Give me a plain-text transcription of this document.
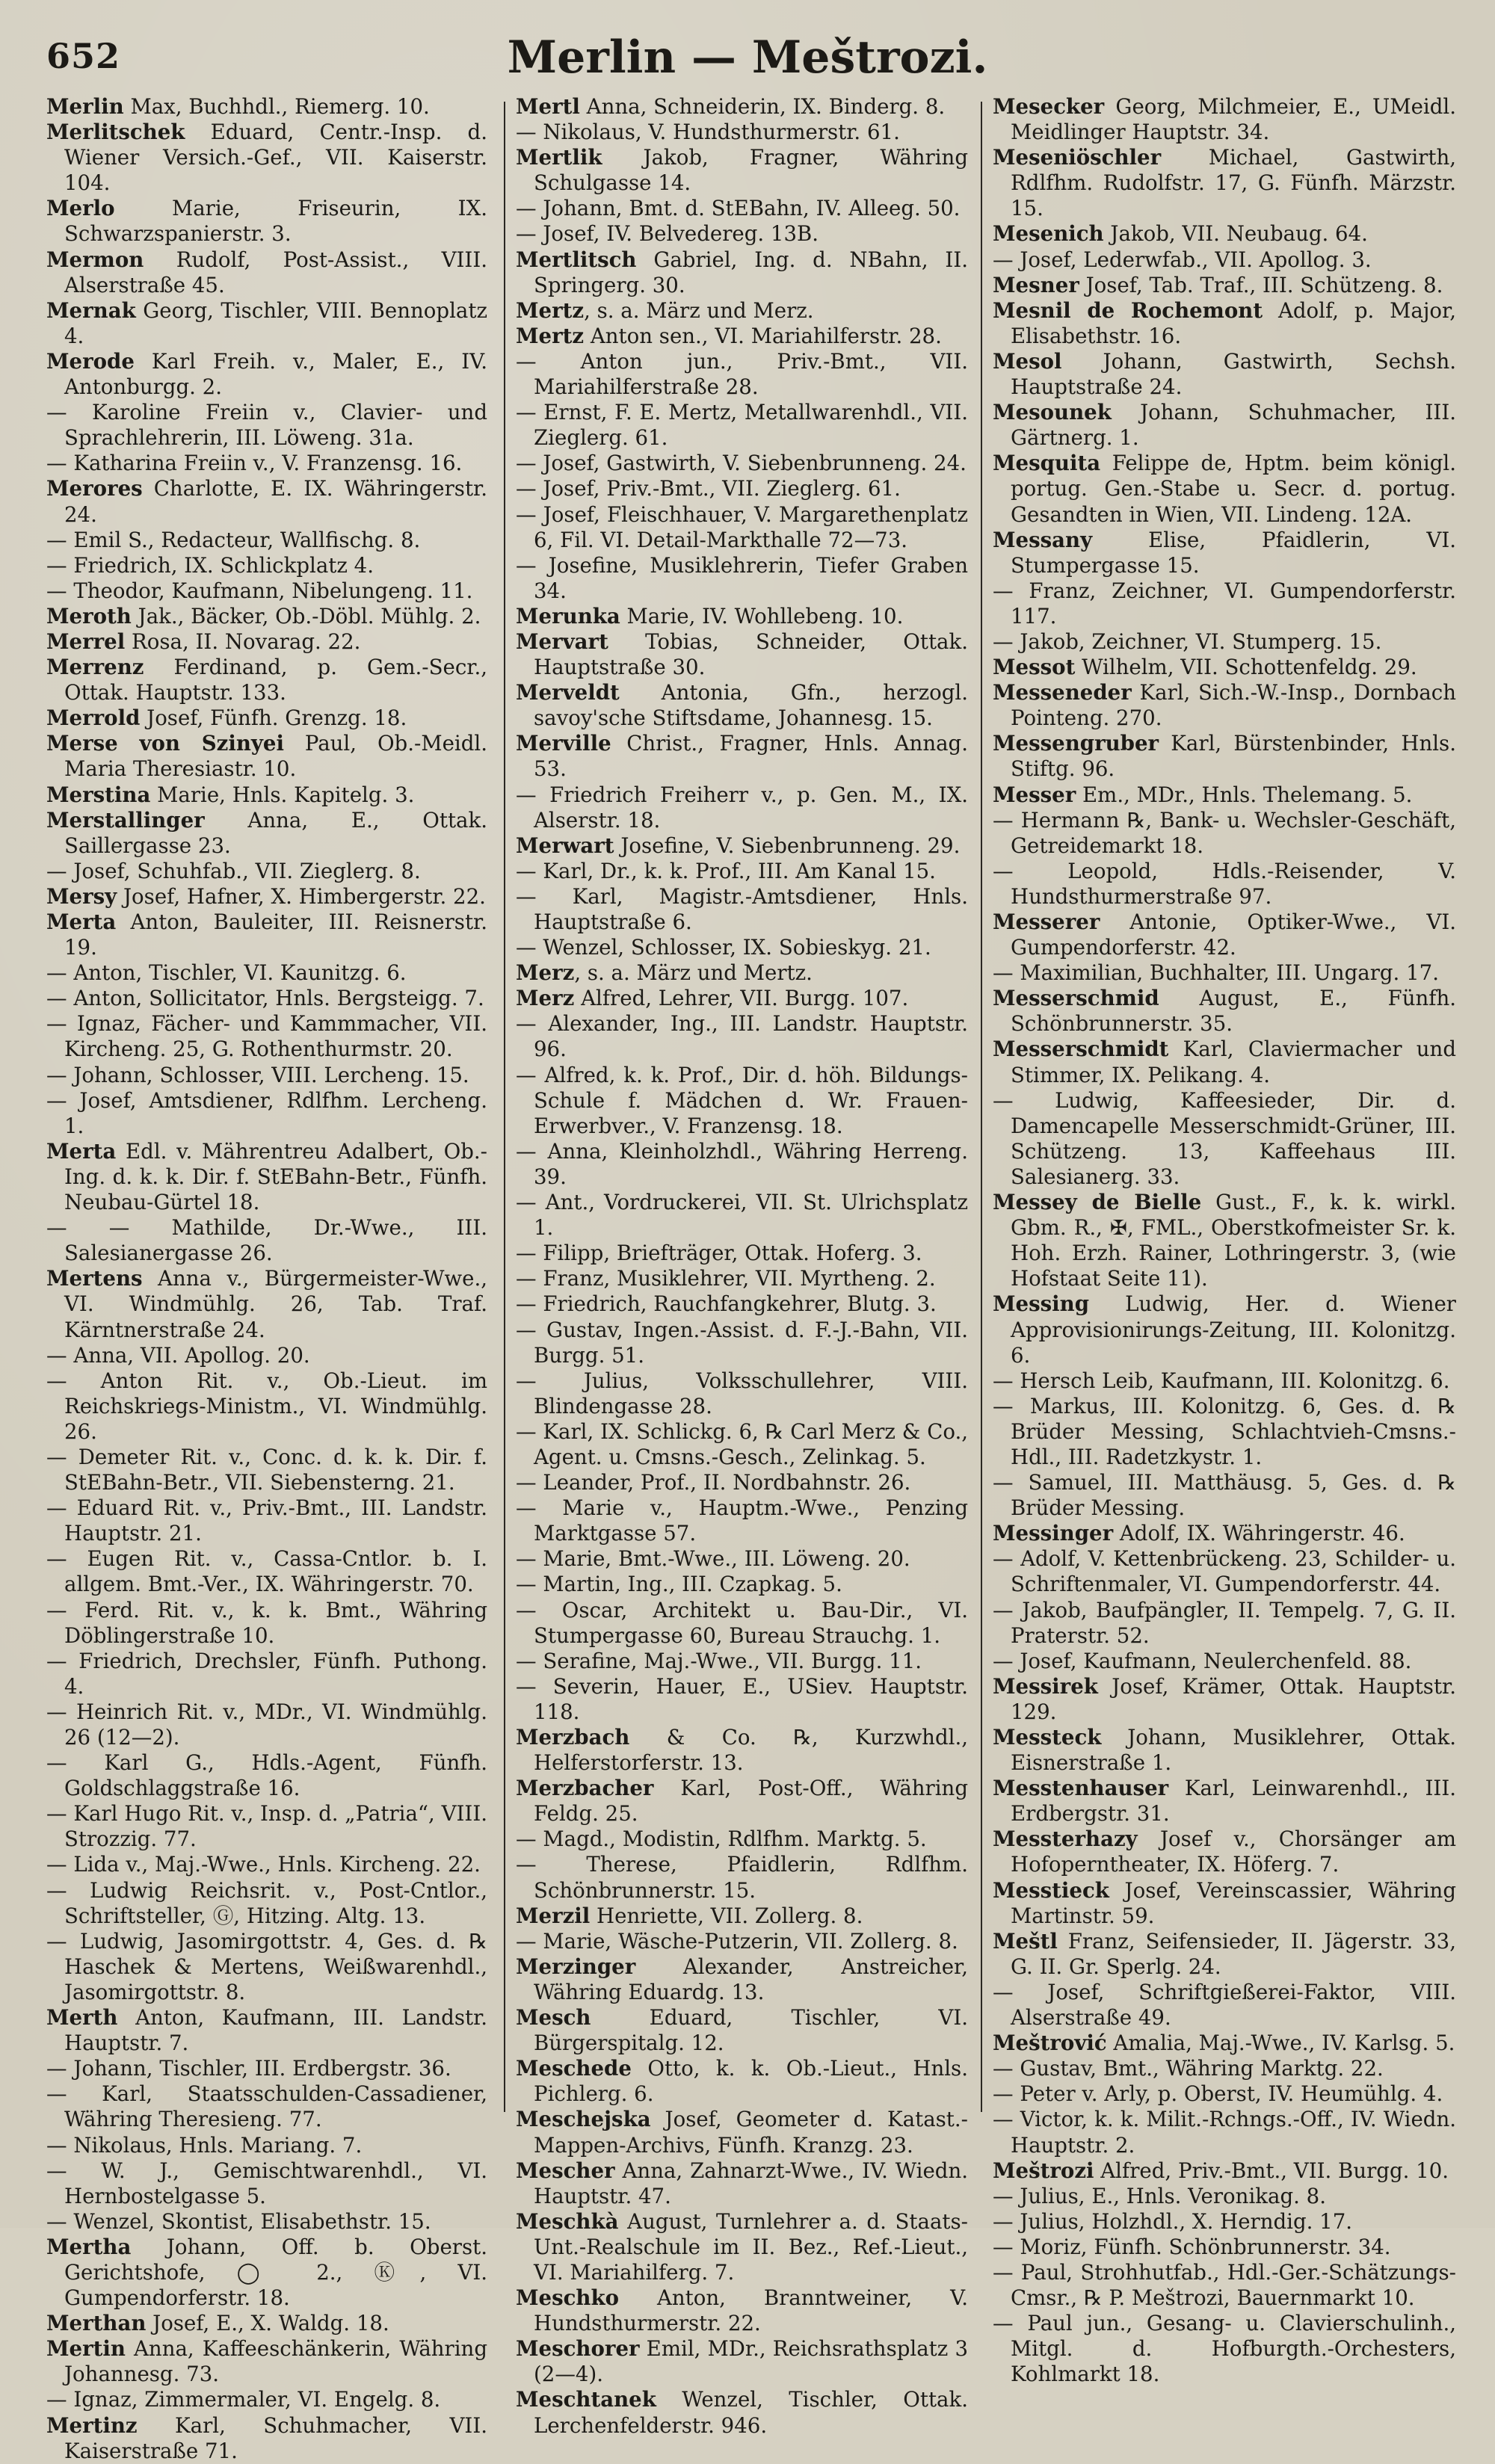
652	Merlin — Meštrozi.

Merlin Max, Buchhdl., Riemerg. 10.

Merlitschek Eduard, Centr.-Insp. d. Wiener Versich.-Gef., VII. Kaiserstr. 104.

Merlo Marie, Friseurin, IX. Schwarzspanierstr. 3.

Mermon Rudolf, Post-Assist., VIII. Alserstraße 45.

Mernak Georg, Tischler, VIII. Bennoplatz 4.

Merode Karl Freih. v., Maler, E., IV. Antonburgg. 2.

— Karoline Freiin v., Clavier- und Sprachlehrerin, III. Löweng. 31a.

— Katharina Freiin v., V. Franzensg. 16.

Merores Charlotte, E. IX. Währingerstr. 24.

— Emil S., Redacteur, Wallfischg. 8.

— Friedrich, IX. Schlickplatz 4.

— Theodor, Kaufmann, Nibelungeng. 11.

Meroth Jak., Bäcker, Ob.-Döbl. Mühlg. 2.

Merrel Rosa, II. Novarag. 22.

Merrenz Ferdinand, p. Gem.-Secr., Ottak. Hauptstr. 133.

Merrold Josef, Fünfh. Grenzg. 18.

Merse von Szinyei Paul, Ob.-Meidl. Maria Theresiastr. 10.

Merstina Marie, Hnls. Kapitelg. 3.

Merstallinger Anna, E., Ottak. Saillergasse 23.

— Josef, Schuhfab., VII. Zieglerg. 8.

Mersy Josef, Hafner, X. Himbergerstr. 22.

Merta Anton, Bauleiter, III. Reisnerstr. 19.

— Anton, Tischler, VI. Kaunitzg. 6.

— Anton, Sollicitator, Hnls. Bergsteigg. 7.

— Ignaz, Fächer- und Kammmacher, VII. Kircheng. 25, G. Rothenthurmstr. 20.

— Johann, Schlosser, VIII. Lercheng. 15.

— Josef, Amtsdiener, Rdlfhm. Lercheng. 1.

Merta Edl. v. Mährentreu Adalbert, Ob.-Ing. d. k. k. Dir. f. StEBahn-Betr., Fünfh. Neubau-Gürtel 18.

— — Mathilde, Dr.-Wwe., III. Salesianergasse 26.

Mertens Anna v., Bürgermeister-Wwe., VI. Windmühlg. 26, Tab. Traf. Kärntnerstraße 24.

— Anna, VII. Apollog. 20.

— Anton Rit. v., Ob.-Lieut. im Reichskriegs-Ministm., VI. Windmühlg. 26.

— Demeter Rit. v., Conc. d. k. k. Dir. f. StEBahn-Betr., VII. Siebensterng. 21.

— Eduard Rit. v., Priv.-Bmt., III. Landstr. Hauptstr. 21.

— Eugen Rit. v., Cassa-Cntlor. b. I. allgem. Bmt.-Ver., IX. Währingerstr. 70.

— Ferd. Rit. v., k. k. Bmt., Währing Döblingerstraße 10.

— Friedrich, Drechsler, Fünfh. Puthong. 4.

— Heinrich Rit. v., MDr., VI. Windmühlg. 26 (12—2).

— Karl G., Hdls.-Agent, Fünfh. Goldschlaggstraße 16.

— Karl Hugo Rit. v., Insp. d. „Patria“, VIII. Strozzig. 77.

— Lida v., Maj.-Wwe., Hnls. Kircheng. 22.

— Ludwig Reichsrit. v., Post-Cntlor., Schriftsteller, Ⓖ, Hitzing. Altg. 13.

— Ludwig, Jasomirgottstr. 4, Ges. d. ℞ Haschek & Mertens, Weißwarenhdl., Jasomirgottstr. 8.

Merth Anton, Kaufmann, III. Landstr. Hauptstr. 7.

— Johann, Tischler, III. Erdbergstr. 36.

— Karl, Staatsschulden-Cassadiener, Währing Theresieng. 77.

— Nikolaus, Hnls. Mariang. 7.

— W. J., Gemischtwarenhdl., VI. Hernbostelgasse 5.

— Wenzel, Skontist, Elisabethstr. 15.

Mertha Johann, Off. b. Oberst. Gerichtshofe, ◯ 2., Ⓚ, VI. Gumpendorferstr. 18.

Merthan Josef, E., X. Waldg. 18.

Mertin Anna, Kaffeeschänkerin, Währing Johannesg. 73.

— Ignaz, Zimmermaler, VI. Engelg. 8.

Mertinz Karl, Schuhmacher, VII. Kaiserstraße 71.

Mertl Anna, Schneiderin, IX. Binderg. 8.

— Nikolaus, V. Hundsthurmerstr. 61.

Mertlik Jakob, Fragner, Währing Schulgasse 14.

— Johann, Bmt. d. StEBahn, IV. Alleeg. 50.

— Josef, IV. Belvedereg. 13B.

Mertlitsch Gabriel, Ing. d. NBahn, II. Springerg. 30.

Mertz, s. a. März und Merz.

Mertz Anton sen., VI. Mariahilferstr. 28.

— Anton jun., Priv.-Bmt., VII. Mariahilferstraße 28.

— Ernst, F. E. Mertz, Metallwarenhdl., VII. Zieglerg. 61.

— Josef, Gastwirth, V. Siebenbrunneng. 24.

— Josef, Priv.-Bmt., VII. Zieglerg. 61.

— Josef, Fleischhauer, V. Margarethenplatz 6, Fil. VI. Detail-Markthalle 72—73.

— Josefine, Musiklehrerin, Tiefer Graben 34.

Merunka Marie, IV. Wohllebeng. 10.

Mervart Tobias, Schneider, Ottak. Hauptstraße 30.

Merveldt Antonia, Gfn., herzogl. savoy'sche Stiftsdame, Johannesg. 15.

Merville Christ., Fragner, Hnls. Annag. 53.

— Friedrich Freiherr v., p. Gen. M., IX. Alserstr. 18.

Merwart Josefine, V. Siebenbrunneng. 29.

— Karl, Dr., k. k. Prof., III. Am Kanal 15.

— Karl, Magistr.-Amtsdiener, Hnls. Hauptstraße 6.

— Wenzel, Schlosser, IX. Sobieskyg. 21.

Merz, s. a. März und Mertz.

Merz Alfred, Lehrer, VII. Burgg. 107.

— Alexander, Ing., III. Landstr. Hauptstr. 96.

— Alfred, k. k. Prof., Dir. d. höh. Bildungs-Schule f. Mädchen d. Wr. Frauen-Erwerbver., V. Franzensg. 18.

— Anna, Kleinholzhdl., Währing Herreng. 39.

— Ant., Vordruckerei, VII. St. Ulrichsplatz 1.

— Filipp, Briefträger, Ottak. Hoferg. 3.

— Franz, Musiklehrer, VII. Myrtheng. 2.

— Friedrich, Rauchfangkehrer, Blutg. 3.

— Gustav, Ingen.-Assist. d. F.-J.-Bahn, VII. Burgg. 51.

— Julius, Volksschullehrer, VIII. Blindengasse 28.

— Karl, IX. Schlickg. 6, ℞ Carl Merz & Co., Agent. u. Cmsns.-Gesch., Zelinkag. 5.

— Leander, Prof., II. Nordbahnstr. 26.

— Marie v., Hauptm.-Wwe., Penzing Marktgasse 57.

— Marie, Bmt.-Wwe., III. Löweng. 20.

— Martin, Ing., III. Czapkag. 5.

— Oscar, Architekt u. Bau-Dir., VI. Stumpergasse 60, Bureau Strauchg. 1.

— Serafine, Maj.-Wwe., VII. Burgg. 11.

— Severin, Hauer, E., USiev. Hauptstr. 118.

Merzbach & Co. ℞, Kurzwhdl., Helferstorferstr. 13.

Merzbacher Karl, Post-Off., Währing Feldg. 25.

— Magd., Modistin, Rdlfhm. Marktg. 5.

— Therese, Pfaidlerin, Rdlfhm. Schönbrunnerstr. 15.

Merzil Henriette, VII. Zollerg. 8.

— Marie, Wäsche-Putzerin, VII. Zollerg. 8.

Merzinger Alexander, Anstreicher, Währing Eduardg. 13.

Mesch Eduard, Tischler, VI. Bürgerspitalg. 12.

Meschede Otto, k. k. Ob.-Lieut., Hnls. Pichlerg. 6.

Meschejska Josef, Geometer d. Katast.-Mappen-Archivs, Fünfh. Kranzg. 23.

Mescher Anna, Zahnarzt-Wwe., IV. Wiedn. Hauptstr. 47.

Meschkà August, Turnlehrer a. d. Staats-Unt.-Realschule im II. Bez., Ref.-Lieut., VI. Mariahilferg. 7.

Meschko Anton, Branntweiner, V. Hundsthurmerstr. 22.

Meschorer Emil, MDr., Reichsrathsplatz 3 (2—4).

Meschtanek Wenzel, Tischler, Ottak. Lerchenfelderstr. 946.

Mesecker Georg, Milchmeier, E., UMeidl. Meidlinger Hauptstr. 34.

Meseniöschler Michael, Gastwirth, Rdlfhm. Rudolfstr. 17, G. Fünfh. Märzstr. 15.

Mesenich Jakob, VII. Neubaug. 64.

— Josef, Lederwfab., VII. Apollog. 3.

Mesner Josef, Tab. Traf., III. Schützeng. 8.

Mesnil de Rochemont Adolf, p. Major, Elisabethstr. 16.

Mesol Johann, Gastwirth, Sechsh. Hauptstraße 24.

Mesounek Johann, Schuhmacher, III. Gärtnerg. 1.

Mesquita Felippe de, Hptm. beim königl. portug. Gen.-Stabe u. Secr. d. portug. Gesandten in Wien, VII. Lindeng. 12A.

Messany Elise, Pfaidlerin, VI. Stumpergasse 15.

— Franz, Zeichner, VI. Gumpendorferstr. 117.

— Jakob, Zeichner, VI. Stumperg. 15.

Messot Wilhelm, VII. Schottenfeldg. 29.

Messeneder Karl, Sich.-W.-Insp., Dornbach Pointeng. 270.

Messengruber Karl, Bürstenbinder, Hnls. Stiftg. 96.

Messer Em., MDr., Hnls. Thelemang. 5.

— Hermann ℞, Bank- u. Wechsler-Geschäft, Getreidemarkt 18.

— Leopold, Hdls.-Reisender, V. Hundsthurmerstraße 97.

Messerer Antonie, Optiker-Wwe., VI. Gumpendorferstr. 42.

— Maximilian, Buchhalter, III. Ungarg. 17.

Messerschmid August, E., Fünfh. Schönbrunnerstr. 35.

Messerschmidt Karl, Claviermacher und Stimmer, IX. Pelikang. 4.

— Ludwig, Kaffeesieder, Dir. d. Damencapelle Messerschmidt-Grüner, III. Schützeng. 13, Kaffeehaus III. Salesianerg. 33.

Messey de Bielle Gust., F., k. k. wirkl. Gbm. R., ✠, FML., Oberstkofmeister Sr. k. Hoh. Erzh. Rainer, Lothringerstr. 3, (wie Hofstaat Seite 11).

Messing Ludwig, Her. d. Wiener Approvisionirungs-Zeitung, III. Kolonitzg. 6.

— Hersch Leib, Kaufmann, III. Kolonitzg. 6.

— Markus, III. Kolonitzg. 6, Ges. d. ℞ Brüder Messing, Schlachtvieh-Cmsns.-Hdl., III. Radetzkystr. 1.

— Samuel, III. Matthäusg. 5, Ges. d. ℞ Brüder Messing.

Messinger Adolf, IX. Währingerstr. 46.

— Adolf, V. Kettenbrückeng. 23, Schilder- u. Schriftenmaler, VI. Gumpendorferstr. 44.

— Jakob, Baufpängler, II. Tempelg. 7, G. II. Praterstr. 52.

— Josef, Kaufmann, Neulerchenfeld. 88.

Messirek Josef, Krämer, Ottak. Hauptstr. 129.

Messteck Johann, Musiklehrer, Ottak. Eisnerstraße 1.

Messtenhauser Karl, Leinwarenhdl., III. Erdbergstr. 31.

Messterhazy Josef v., Chorsänger am Hofoperntheater, IX. Höferg. 7.

Messtieck Josef, Vereinscassier, Währing Martinstr. 59.

Meštl Franz, Seifensieder, II. Jägerstr. 33, G. II. Gr. Sperlg. 24.

— Josef, Schriftgießerei-Faktor, VIII. Alserstraße 49.

Meštrović Amalia, Maj.-Wwe., IV. Karlsg. 5.

— Gustav, Bmt., Währing Marktg. 22.

— Peter v. Arly, p. Oberst, IV. Heumühlg. 4.

— Victor, k. k. Milit.-Rchngs.-Off., IV. Wiedn. Hauptstr. 2.

Meštrozi Alfred, Priv.-Bmt., VII. Burgg. 10.

— Julius, E., Hnls. Veronikag. 8.

— Julius, Holzhdl., X. Herndig. 17.

— Moriz, Fünfh. Schönbrunnerstr. 34.

— Paul, Strohhutfab., Hdl.-Ger.-Schätzungs-Cmsr., ℞ P. Meštrozi, Bauernmarkt 10.

— Paul jun., Gesang- u. Clavierschulinh., Mitgl. d. Hofburgth.-Orchesters, Kohlmarkt 18.
